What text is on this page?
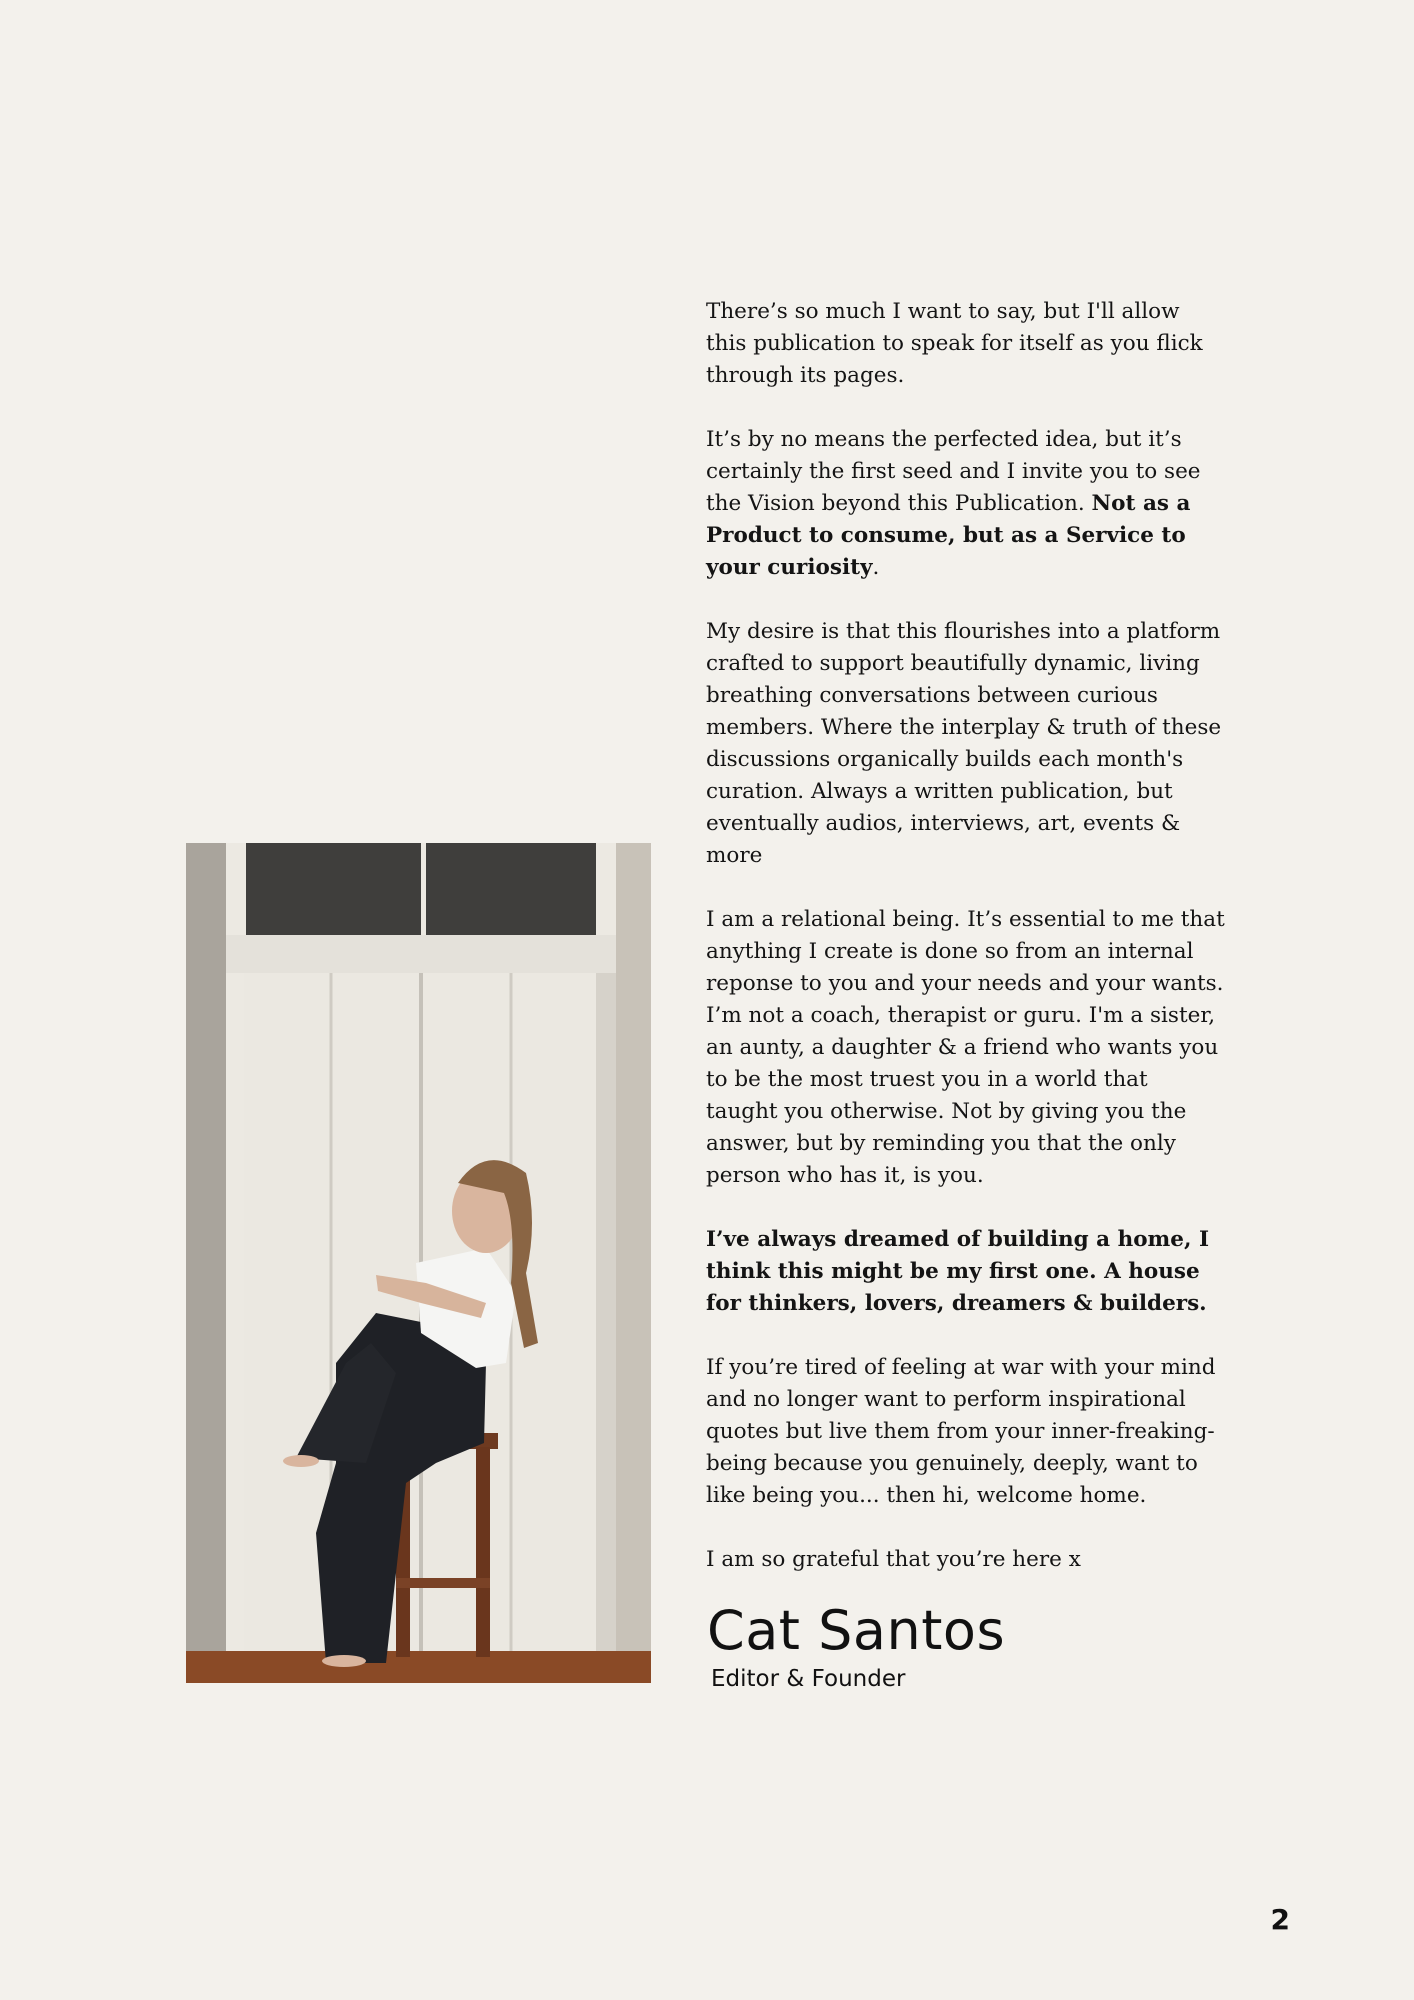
There’s so much I want to say, but I'll allow this publication to speak for itself as you flick through its pages.

It’s by no means the perfected idea, but it’s certainly the first seed and I invite you to see the Vision beyond this Publication. Not as a Product to consume, but as a Service to your curiosity.

My desire is that this flourishes into a platform crafted to support beautifully dynamic, living breathing conversations between curious members. Where the interplay & truth of these discussions organically builds each month's curation. Always a written publication, but eventually audios, interviews, art, events & more

I am a relational being. It’s essential to me that anything I create is done so from an internal reponse to you and your needs and your wants. I’m not a coach, therapist or guru. I'm a sister, an aunty, a daughter & a friend who wants you to be the most truest you in a world that taught you otherwise. Not by giving you the answer, but by reminding you that the only person who has it, is you.

I’ve always dreamed of building a home, I think this might be my first one. A house for thinkers, lovers, dreamers & builders.

If you’re tired of feeling at war with your mind and no longer want to perform inspirational quotes but live them from your inner-freaking-being because you genuinely, deeply, want to like being you... then hi, welcome home.

I am so grateful that you’re here x

Cat Santos
Editor & Founder
2
